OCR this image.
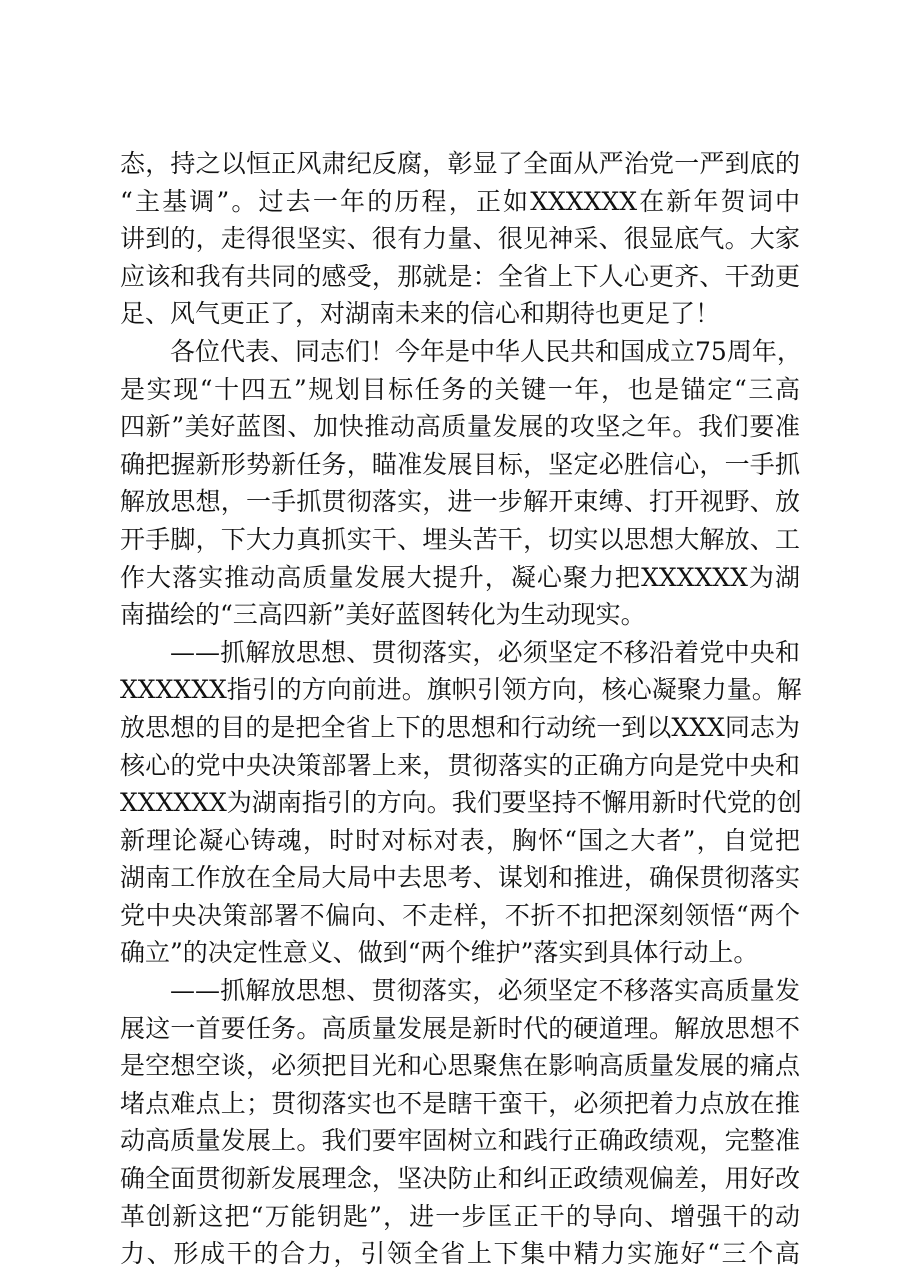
态，持之以恒正风肃纪反腐，彰显了全面从严治党一严到底的
“主基调”。过去一年的历程，正如XXXXXX在新年贺词中
讲到的，走得很坚实、很有力量、很见神采、很显底气。大家
应该和我有共同的感受，那就是：全省上下人心更齐、干劲更
足、风气更正了，对湖南未来的信心和期待也更足了！
各位代表、同志们！今年是中华人民共和国成立75周年，
是实现“十四五”规划目标任务的关键一年，也是锚定“三高
四新”美好蓝图、加快推动高质量发展的攻坚之年。我们要准
确把握新形势新任务，瞄准发展目标，坚定必胜信心，一手抓
解放思想，一手抓贯彻落实，进一步解开束缚、打开视野、放
开手脚，下大力真抓实干、埋头苦干，切实以思想大解放、工
作大落实推动高质量发展大提升，凝心聚力把XXXXXX为湖
南描绘的“三高四新”美好蓝图转化为生动现实。
——抓解放思想、贯彻落实，必须坚定不移沿着党中央和
XXXXXX指引的方向前进。旗帜引领方向，核心凝聚力量。解
放思想的目的是把全省上下的思想和行动统一到以XXX同志为
核心的党中央决策部署上来，贯彻落实的正确方向是党中央和
XXXXXX为湖南指引的方向。我们要坚持不懈用新时代党的创
新理论凝心铸魂，时时对标对表，胸怀“国之大者”，自觉把
湖南工作放在全局大局中去思考、谋划和推进，确保贯彻落实
党中央决策部署不偏向、不走样，不折不扣把深刻领悟“两个
确立”的决定性意义、做到“两个维护”落实到具体行动上。
——抓解放思想、贯彻落实，必须坚定不移落实高质量发
展这一首要任务。高质量发展是新时代的硬道理。解放思想不
是空想空谈，必须把目光和心思聚焦在影响高质量发展的痛点
堵点难点上；贯彻落实也不是瞎干蛮干，必须把着力点放在推
动高质量发展上。我们要牢固树立和践行正确政绩观，完整准
确全面贯彻新发展理念，坚决防止和纠正政绩观偏差，用好改
革创新这把“万能钥匙”，进一步匡正干的导向、增强干的动
力、形成干的合力，引领全省上下集中精力实施好“三个高
